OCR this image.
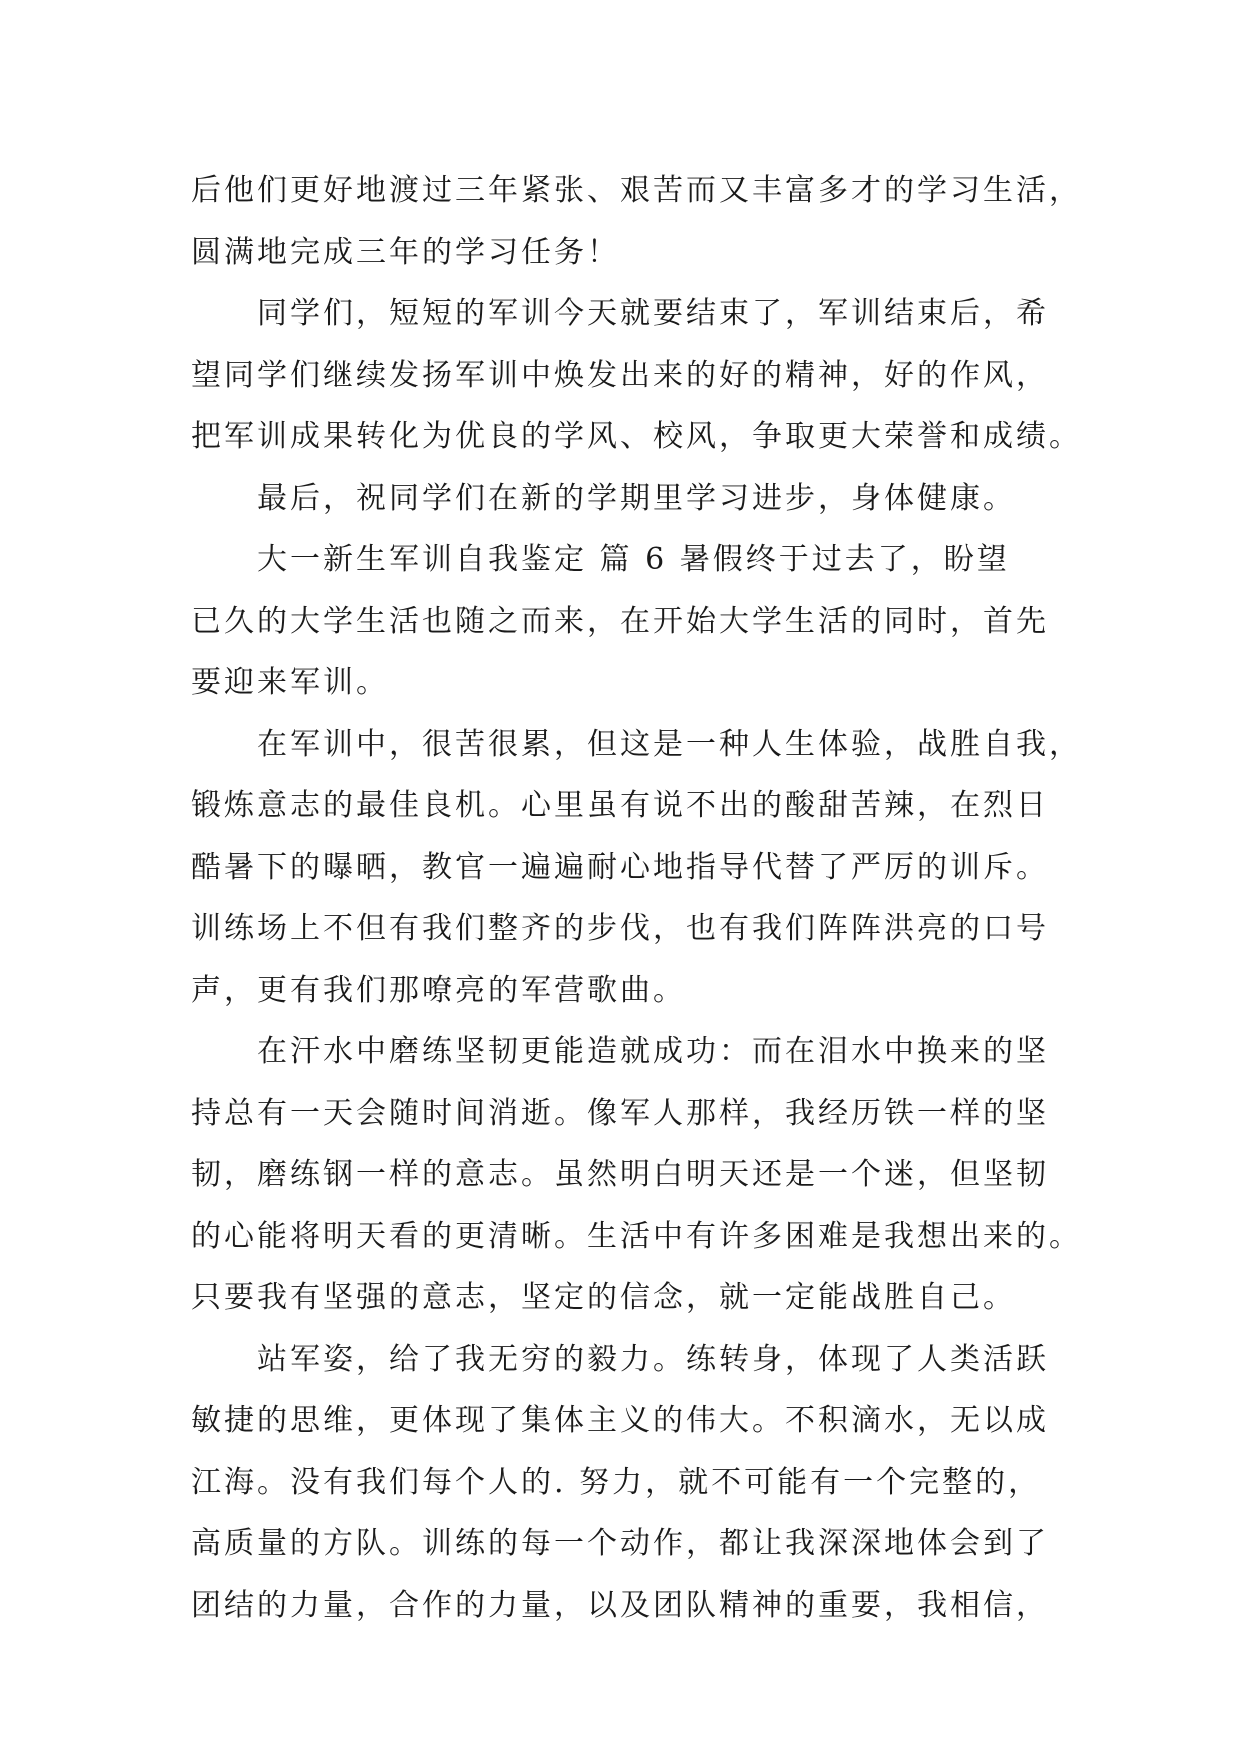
后他们更好地渡过三年紧张、艰苦而又丰富多才的学习生活，
圆满地完成三年的学习任务！
同学们，短短的军训今天就要结束了，军训结束后，希
望同学们继续发扬军训中焕发出来的好的精神，好的作风，
把军训成果转化为优良的学风、校风，争取更大荣誉和成绩。
最后，祝同学们在新的学期里学习进步，身体健康。
大一新生军训自我鉴定 篇 6 暑假终于过去了，盼望
已久的大学生活也随之而来，在开始大学生活的同时，首先
要迎来军训。
在军训中，很苦很累，但这是一种人生体验，战胜自我，
锻炼意志的最佳良机。心里虽有说不出的酸甜苦辣，在烈日
酷暑下的曝晒，教官一遍遍耐心地指导代替了严厉的训斥。
训练场上不但有我们整齐的步伐，也有我们阵阵洪亮的口号
声，更有我们那嘹亮的军营歌曲。
在汗水中磨练坚韧更能造就成功：而在泪水中换来的坚
持总有一天会随时间消逝。像军人那样，我经历铁一样的坚
韧，磨练钢一样的意志。虽然明白明天还是一个迷，但坚韧
的心能将明天看的更清晰。生活中有许多困难是我想出来的。
只要我有坚强的意志，坚定的信念，就一定能战胜自己。
站军姿，给了我无穷的毅力。练转身，体现了人类活跃
敏捷的思维，更体现了集体主义的伟大。不积滴水，无以成
江海。没有我们每个人的. 努力，就不可能有一个完整的，
高质量的方队。训练的每一个动作，都让我深深地体会到了
团结的力量，合作的力量，以及团队精神的重要，我相信，
